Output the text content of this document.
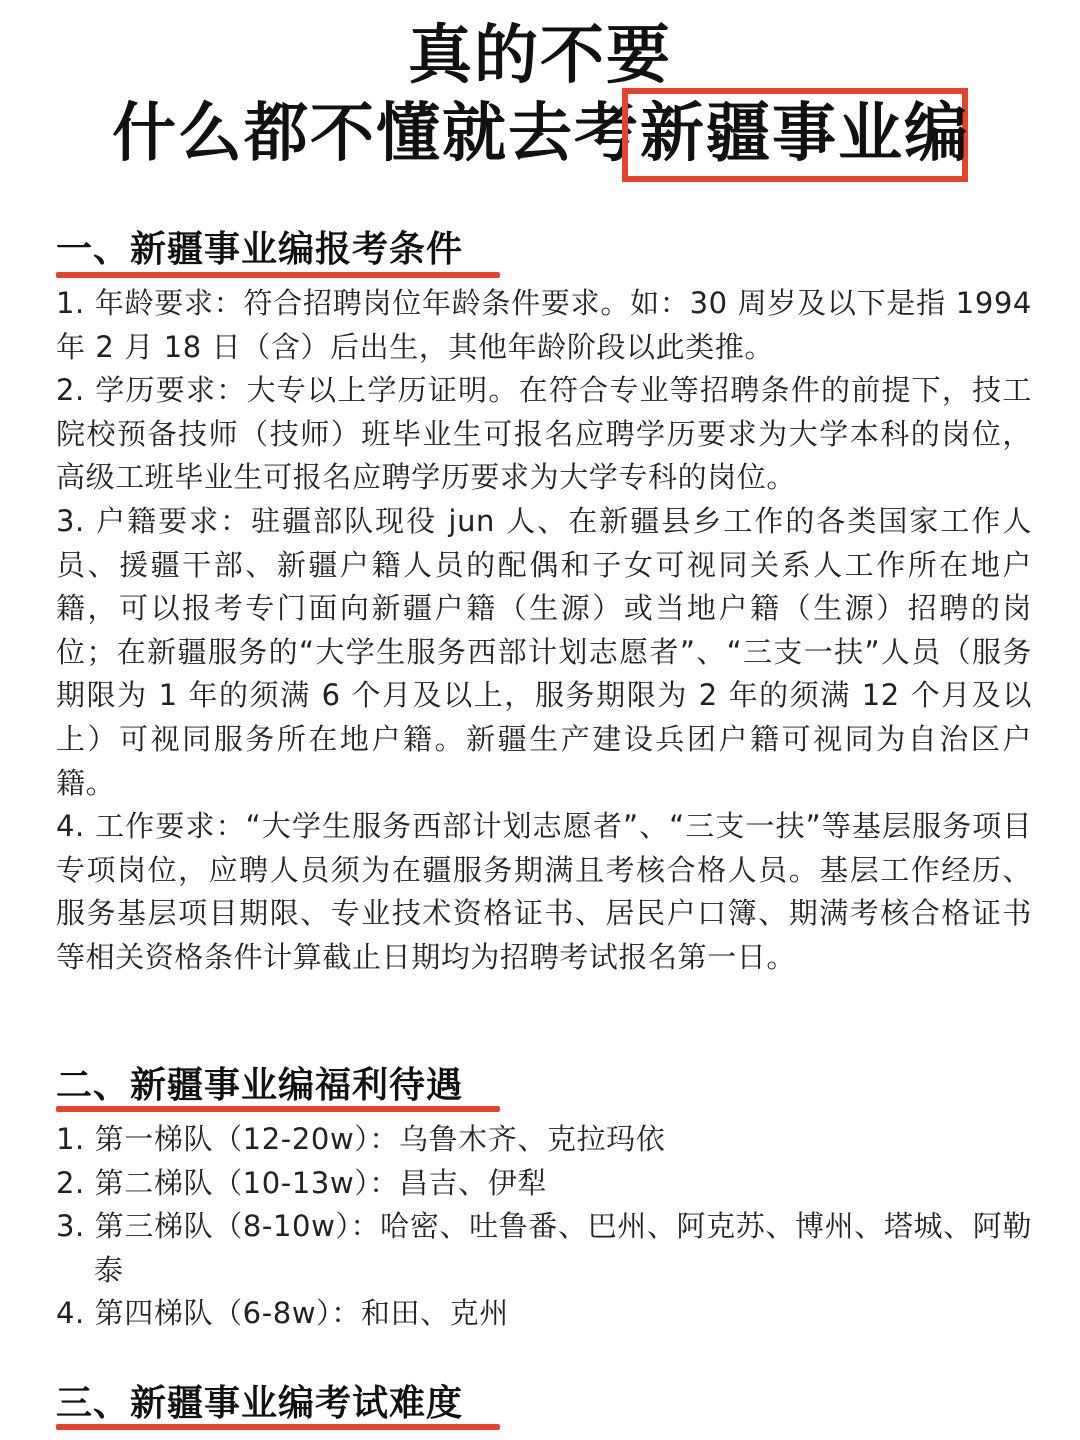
真的不要
什么都不懂就去考 新疆事业编
一、新疆事业编报考条件

1. 年龄要求：符合招聘岗位年龄条件要求。如：30 周岁及以下是指 1994 年 2 月 18 日（含）后出生，其他年龄阶段以此类推。

2. 学历要求：大专以上学历证明。在符合专业等招聘条件的前提下，技工院校预备技师（技师）班毕业生可报名应聘学历要求为大学本科的岗位，高级工班毕业生可报名应聘学历要求为大学专科的岗位。

3. 户籍要求：驻疆部队现役 jun 人、在新疆县乡工作的各类国家工作人员、援疆干部、新疆户籍人员的配偶和子女可视同关系人工作所在地户籍，可以报考专门面向新疆户籍（生源）或当地户籍（生源）招聘的岗位；在新疆服务的“大学生服务西部计划志愿者”、“三支一扶”人员（服务期限为 1 年的须满 6 个月及以上，服务期限为 2 年的须满 12 个月及以上）可视同服务所在地户籍。新疆生产建设兵团户籍可视同为自治区户籍。

4. 工作要求：“大学生服务西部计划志愿者”、“三支一扶”等基层服务项目专项岗位，应聘人员须为在疆服务期满且考核合格人员。基层工作经历、服务基层项目期限、专业技术资格证书、居民户口簿、期满考核合格证书等相关资格条件计算截止日期均为招聘考试报名第一日。

二、新疆事业编福利待遇

1. 第一梯队（12-20w）：乌鲁木齐、克拉玛依

2. 第二梯队（10-13w）：昌吉、伊犁

3. 第三梯队（8-10w）：哈密、吐鲁番、巴州、阿克苏、博州、塔城、阿勒泰

4. 第四梯队（6-8w）：和田、克州

三、新疆事业编考试难度
